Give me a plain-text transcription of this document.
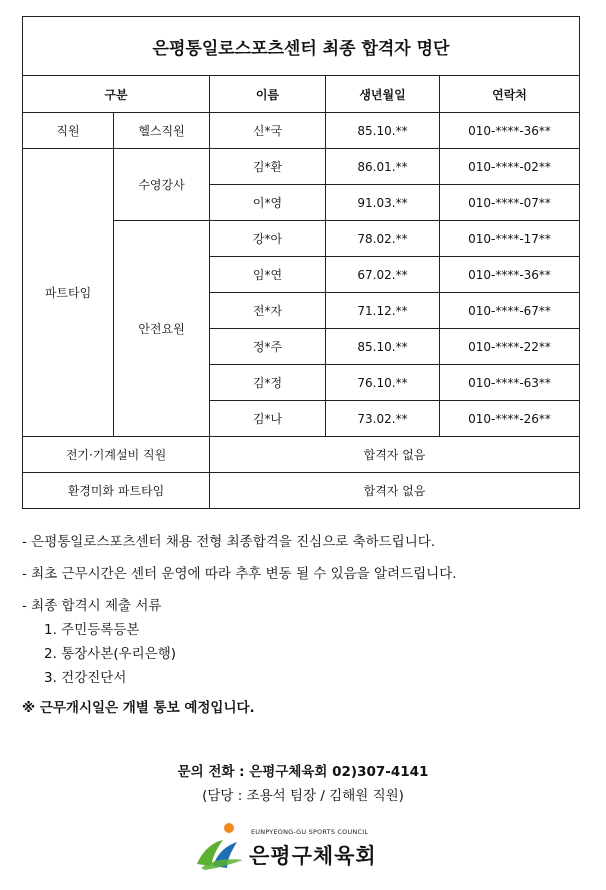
은평통일로스포츠센터 최종 합격자 명단				
구분		이름	생년월일	연락처
직원	헬스직원	신*국	85.10.**	010-****-36**
파트타임	수영강사	김*환	86.01.**	010-****-02**
		이*영	91.03.**	010-****-07**
	안전요원	강*아	78.02.**	010-****-17**
		임*연	67.02.**	010-****-36**
		전*자	71.12.**	010-****-67**
		정*주	85.10.**	010-****-22**
		김*정	76.10.**	010-****-63**
		김*나	73.02.**	010-****-26**
전기·기계설비 직원		합격자 없음		
환경미화 파트타임		합격자 없음		
- 은평통일로스포츠센터 채용 전형 최종합격을 진심으로 축하드립니다.
- 최초 근무시간은 센터 운영에 따라 추후 변동 될 수 있음을 알려드립니다.
- 최종 합격시 제출 서류
1. 주민등록등본
2. 통장사본(우리은행)
3. 건강진단서
※ 근무개시일은 개별 통보 예정입니다.
문의 전화 : 은평구체육회 02)307-4141
(담당 : 조용석 팀장 / 김해원 직원)
EUNPYEONG-GU SPORTS COUNCIL
은평구체육회
